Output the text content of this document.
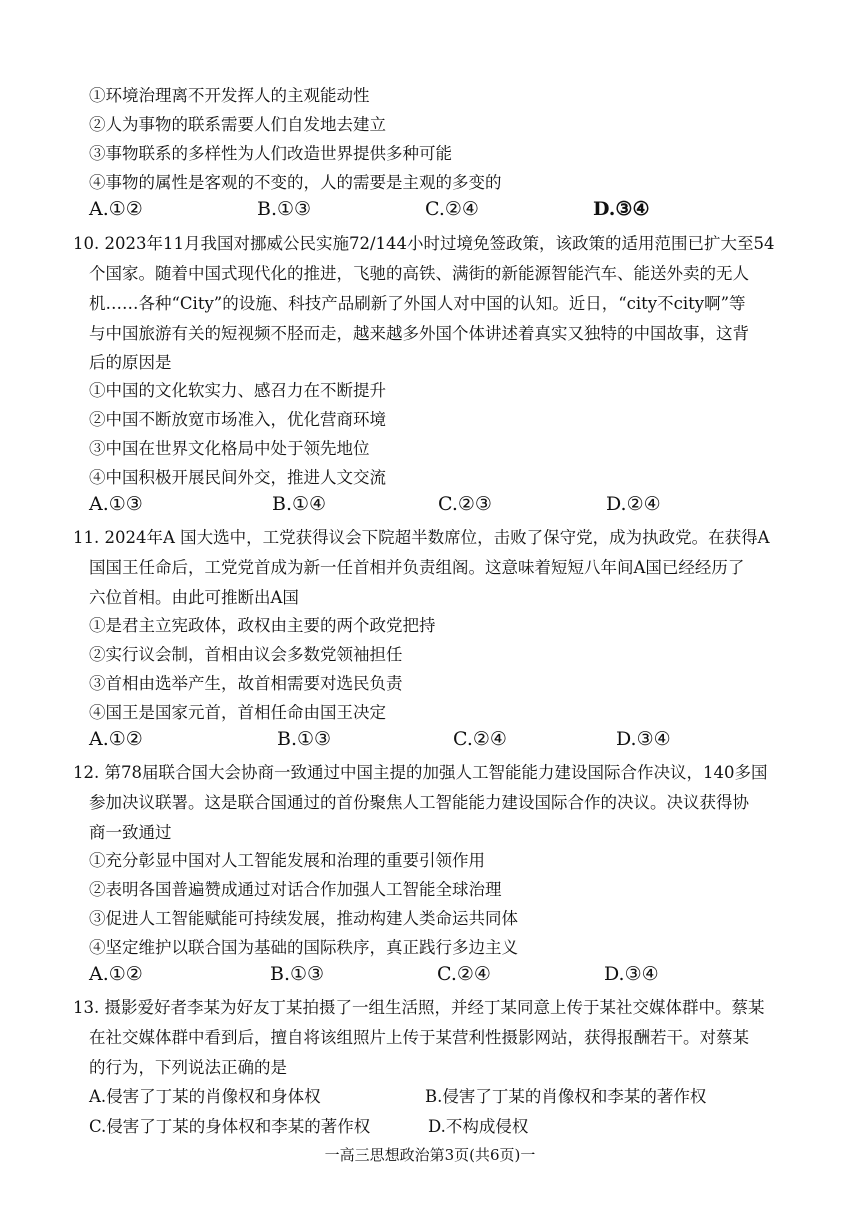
①环境治理离不开发挥人的主观能动性
②人为事物的联系需要人们自发地去建立
③事物联系的多样性为人们改造世界提供多种可能
④事物的属性是客观的不变的，人的需要是主观的多变的
A.①②	B.①③	C.②④	D.③④
10. 2023年11月我国对挪威公民实施72/144小时过境免签政策，该政策的适用范围已扩大至54
个国家。随着中国式现代化的推进，飞驰的高铁、满街的新能源智能汽车、能送外卖的无人
机……各种“City”的设施、科技产品刷新了外国人对中国的认知。近日，“city不city啊”等
与中国旅游有关的短视频不胫而走，越来越多外国个体讲述着真实又独特的中国故事，这背
后的原因是
①中国的文化软实力、感召力在不断提升
②中国不断放宽市场准入，优化营商环境
③中国在世界文化格局中处于领先地位
④中国积极开展民间外交，推进人文交流
A.①③	B.①④	C.②③	D.②④
11. 2024年A 国大选中，工党获得议会下院超半数席位，击败了保守党，成为执政党。在获得A
国国王任命后，工党党首成为新一任首相并负责组阁。这意味着短短八年间A国已经经历了
六位首相。由此可推断出A国
①是君主立宪政体，政权由主要的两个政党把持
②实行议会制，首相由议会多数党领袖担任
③首相由选举产生，故首相需要对选民负责
④国王是国家元首，首相任命由国王决定
A.①②	B.①③	C.②④	D.③④
12. 第78届联合国大会协商一致通过中国主提的加强人工智能能力建设国际合作决议，140多国
参加决议联署。这是联合国通过的首份聚焦人工智能能力建设国际合作的决议。决议获得协
商一致通过
①充分彰显中国对人工智能发展和治理的重要引领作用
②表明各国普遍赞成通过对话合作加强人工智能全球治理
③促进人工智能赋能可持续发展，推动构建人类命运共同体
④坚定维护以联合国为基础的国际秩序，真正践行多边主义
A.①②	B.①③	C.②④	D.③④
13. 摄影爱好者李某为好友丁某拍摄了一组生活照，并经丁某同意上传于某社交媒体群中。蔡某
在社交媒体群中看到后，擅自将该组照片上传于某营利性摄影网站，获得报酬若干。对蔡某
的行为，下列说法正确的是
A.侵害了丁某的肖像权和身体权	B.侵害了丁某的肖像权和李某的著作权
C.侵害了丁某的身体权和李某的著作权	D.不构成侵权
一高三思想政治第3页(共6页)一
